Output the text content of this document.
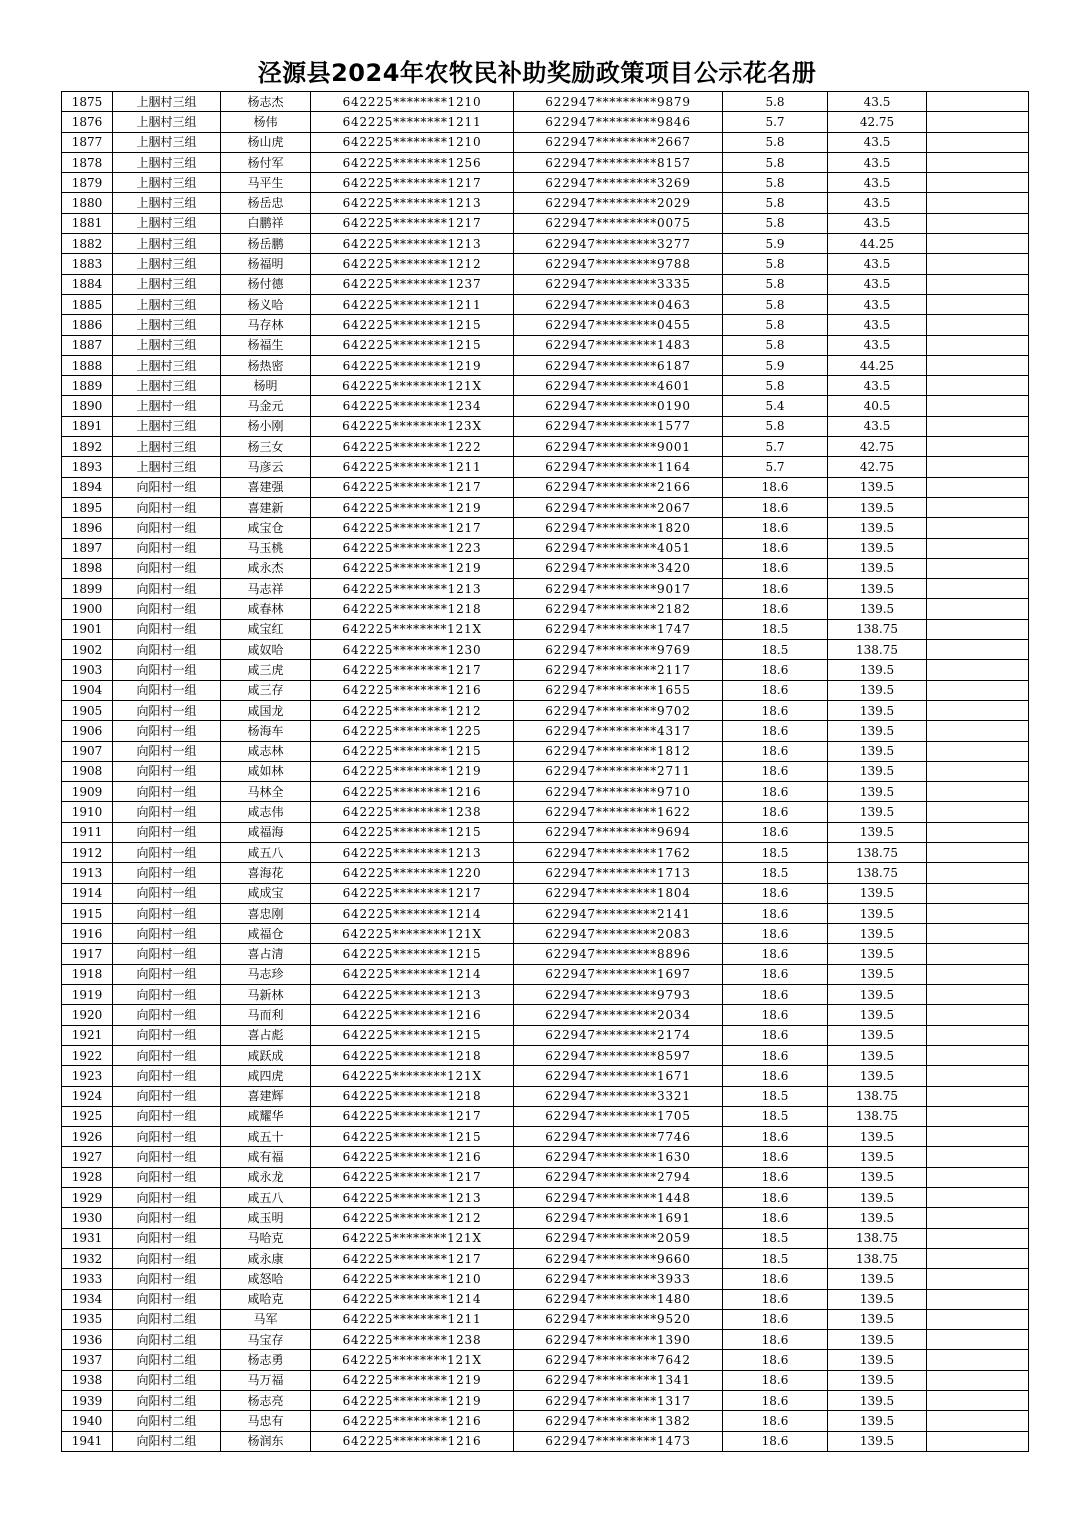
泾源县2024年农牧民补助奖励政策项目公示花名册
1875	上胭村三组	杨志杰	642225********1210	622947*********9879	5.8	43.5	
1876	上胭村三组	杨伟	642225********1211	622947*********9846	5.7	42.75	
1877	上胭村三组	杨山虎	642225********1210	622947*********2667	5.8	43.5	
1878	上胭村三组	杨付军	642225********1256	622947*********8157	5.8	43.5	
1879	上胭村三组	马平生	642225********1217	622947*********3269	5.8	43.5	
1880	上胭村三组	杨岳忠	642225********1213	622947*********2029	5.8	43.5	
1881	上胭村三组	白鹏祥	642225********1217	622947*********0075	5.8	43.5	
1882	上胭村三组	杨岳鹏	642225********1213	622947*********3277	5.9	44.25	
1883	上胭村三组	杨福明	642225********1212	622947*********9788	5.8	43.5	
1884	上胭村三组	杨付德	642225********1237	622947*********3335	5.8	43.5	
1885	上胭村三组	杨义哈	642225********1211	622947*********0463	5.8	43.5	
1886	上胭村三组	马存林	642225********1215	622947*********0455	5.8	43.5	
1887	上胭村三组	杨福生	642225********1215	622947*********1483	5.8	43.5	
1888	上胭村三组	杨热密	642225********1219	622947*********6187	5.9	44.25	
1889	上胭村三组	杨明	642225********121X	622947*********4601	5.8	43.5	
1890	上胭村一组	马金元	642225********1234	622947*********0190	5.4	40.5	
1891	上胭村三组	杨小刚	642225********123X	622947*********1577	5.8	43.5	
1892	上胭村三组	杨三女	642225********1222	622947*********9001	5.7	42.75	
1893	上胭村三组	马彦云	642225********1211	622947*********1164	5.7	42.75	
1894	向阳村一组	喜建强	642225********1217	622947*********2166	18.6	139.5	
1895	向阳村一组	喜建新	642225********1219	622947*********2067	18.6	139.5	
1896	向阳村一组	咸宝仓	642225********1217	622947*********1820	18.6	139.5	
1897	向阳村一组	马玉桃	642225********1223	622947*********4051	18.6	139.5	
1898	向阳村一组	咸永杰	642225********1219	622947*********3420	18.6	139.5	
1899	向阳村一组	马志祥	642225********1213	622947*********9017	18.6	139.5	
1900	向阳村一组	咸春林	642225********1218	622947*********2182	18.6	139.5	
1901	向阳村一组	咸宝红	642225********121X	622947*********1747	18.5	138.75	
1902	向阳村一组	咸奴哈	642225********1230	622947*********9769	18.5	138.75	
1903	向阳村一组	咸三虎	642225********1217	622947*********2117	18.6	139.5	
1904	向阳村一组	咸三存	642225********1216	622947*********1655	18.6	139.5	
1905	向阳村一组	咸国龙	642225********1212	622947*********9702	18.6	139.5	
1906	向阳村一组	杨海车	642225********1225	622947*********4317	18.6	139.5	
1907	向阳村一组	咸志林	642225********1215	622947*********1812	18.6	139.5	
1908	向阳村一组	咸如林	642225********1219	622947*********2711	18.6	139.5	
1909	向阳村一组	马林全	642225********1216	622947*********9710	18.6	139.5	
1910	向阳村一组	咸志伟	642225********1238	622947*********1622	18.6	139.5	
1911	向阳村一组	咸福海	642225********1215	622947*********9694	18.6	139.5	
1912	向阳村一组	咸五八	642225********1213	622947*********1762	18.5	138.75	
1913	向阳村一组	喜海花	642225********1220	622947*********1713	18.5	138.75	
1914	向阳村一组	咸成宝	642225********1217	622947*********1804	18.6	139.5	
1915	向阳村一组	喜忠刚	642225********1214	622947*********2141	18.6	139.5	
1916	向阳村一组	咸福仓	642225********121X	622947*********2083	18.6	139.5	
1917	向阳村一组	喜占清	642225********1215	622947*********8896	18.6	139.5	
1918	向阳村一组	马志珍	642225********1214	622947*********1697	18.6	139.5	
1919	向阳村一组	马新林	642225********1213	622947*********9793	18.6	139.5	
1920	向阳村一组	马而利	642225********1216	622947*********2034	18.6	139.5	
1921	向阳村一组	喜占彪	642225********1215	622947*********2174	18.6	139.5	
1922	向阳村一组	咸跃成	642225********1218	622947*********8597	18.6	139.5	
1923	向阳村一组	咸四虎	642225********121X	622947*********1671	18.6	139.5	
1924	向阳村一组	喜建辉	642225********1218	622947*********3321	18.5	138.75	
1925	向阳村一组	咸耀华	642225********1217	622947*********1705	18.5	138.75	
1926	向阳村一组	咸五十	642225********1215	622947*********7746	18.6	139.5	
1927	向阳村一组	咸有福	642225********1216	622947*********1630	18.6	139.5	
1928	向阳村一组	咸永龙	642225********1217	622947*********2794	18.6	139.5	
1929	向阳村一组	咸五八	642225********1213	622947*********1448	18.6	139.5	
1930	向阳村一组	咸玉明	642225********1212	622947*********1691	18.6	139.5	
1931	向阳村一组	马哈克	642225********121X	622947*********2059	18.5	138.75	
1932	向阳村一组	咸永康	642225********1217	622947*********9660	18.5	138.75	
1933	向阳村一组	咸怒哈	642225********1210	622947*********3933	18.6	139.5	
1934	向阳村一组	咸哈克	642225********1214	622947*********1480	18.6	139.5	
1935	向阳村二组	马军	642225********1211	622947*********9520	18.6	139.5	
1936	向阳村二组	马宝存	642225********1238	622947*********1390	18.6	139.5	
1937	向阳村二组	杨志勇	642225********121X	622947*********7642	18.6	139.5	
1938	向阳村二组	马万福	642225********1219	622947*********1341	18.6	139.5	
1939	向阳村二组	杨志亮	642225********1219	622947*********1317	18.6	139.5	
1940	向阳村二组	马忠有	642225********1216	622947*********1382	18.6	139.5	
1941	向阳村二组	杨润东	642225********1216	622947*********1473	18.6	139.5	
